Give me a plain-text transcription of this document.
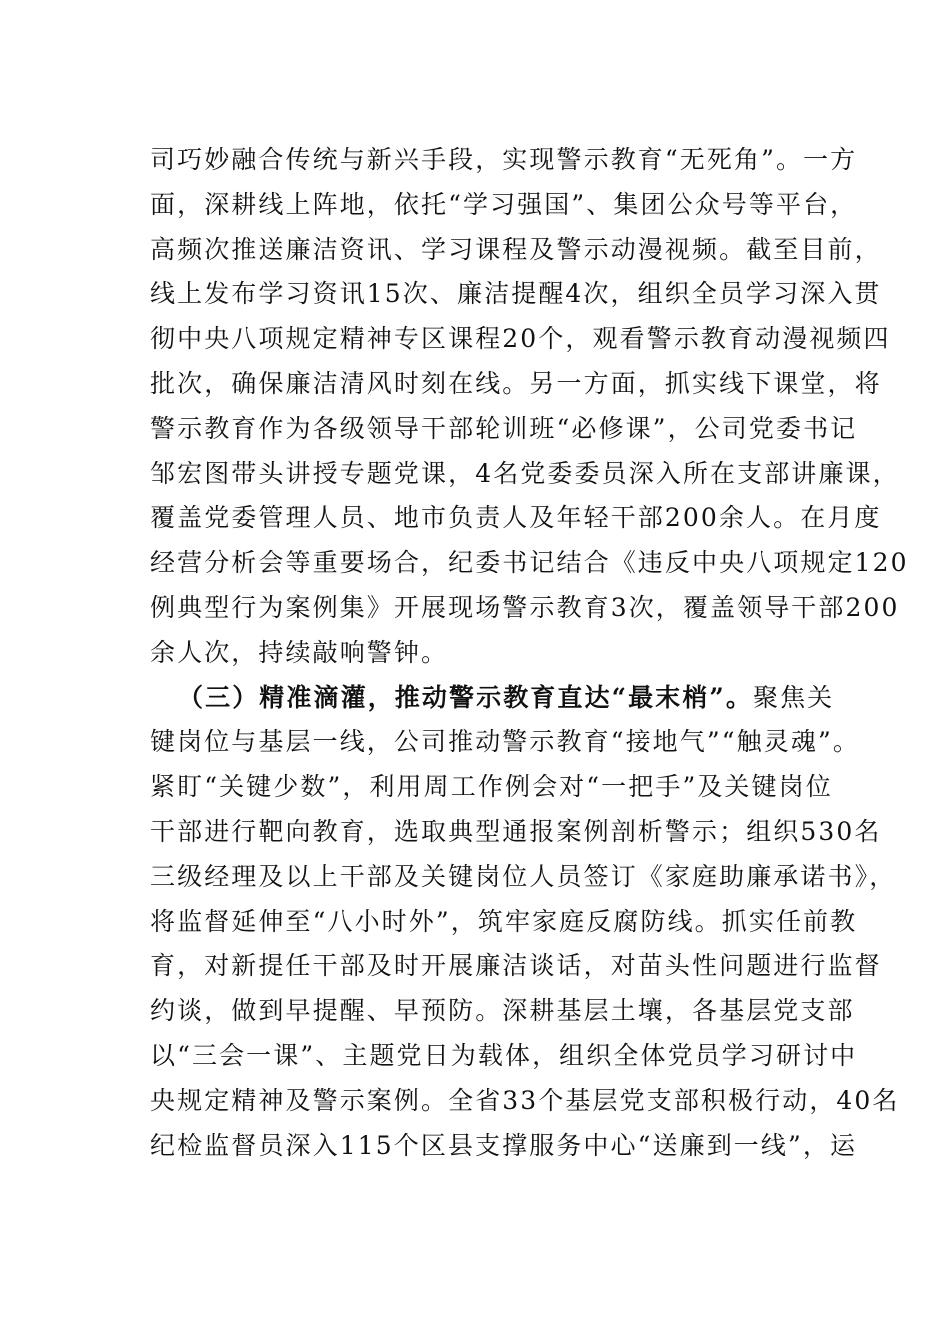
司巧妙融合传统与新兴手段，实现警示教育“无死角”。一方
面，深耕线上阵地，依托“学习强国”、集团公众号等平台，
高频次推送廉洁资讯、学习课程及警示动漫视频。截至目前，
线上发布学习资讯15次、廉洁提醒4次，组织全员学习深入贯
彻中央八项规定精神专区课程20个，观看警示教育动漫视频四
批次，确保廉洁清风时刻在线。另一方面，抓实线下课堂，将
警示教育作为各级领导干部轮训班“必修课”，公司党委书记
邹宏图带头讲授专题党课，4名党委委员深入所在支部讲廉课，
覆盖党委管理人员、地市负责人及年轻干部200余人。在月度
经营分析会等重要场合，纪委书记结合《违反中央八项规定120
例典型行为案例集》开展现场警示教育3次，覆盖领导干部200
余人次，持续敲响警钟。
（三）精准滴灌，推动警示教育直达“最末梢”。聚焦关
键岗位与基层一线，公司推动警示教育“接地气”“触灵魂”。
紧盯“关键少数”，利用周工作例会对“一把手”及关键岗位
干部进行靶向教育，选取典型通报案例剖析警示；组织530名
三级经理及以上干部及关键岗位人员签订《家庭助廉承诺书》，
将监督延伸至“八小时外”，筑牢家庭反腐防线。抓实任前教
育，对新提任干部及时开展廉洁谈话，对苗头性问题进行监督
约谈，做到早提醒、早预防。深耕基层土壤，各基层党支部
以“三会一课”、主题党日为载体，组织全体党员学习研讨中
央规定精神及警示案例。全省33个基层党支部积极行动，40名
纪检监督员深入115个区县支撑服务中心“送廉到一线”，运
